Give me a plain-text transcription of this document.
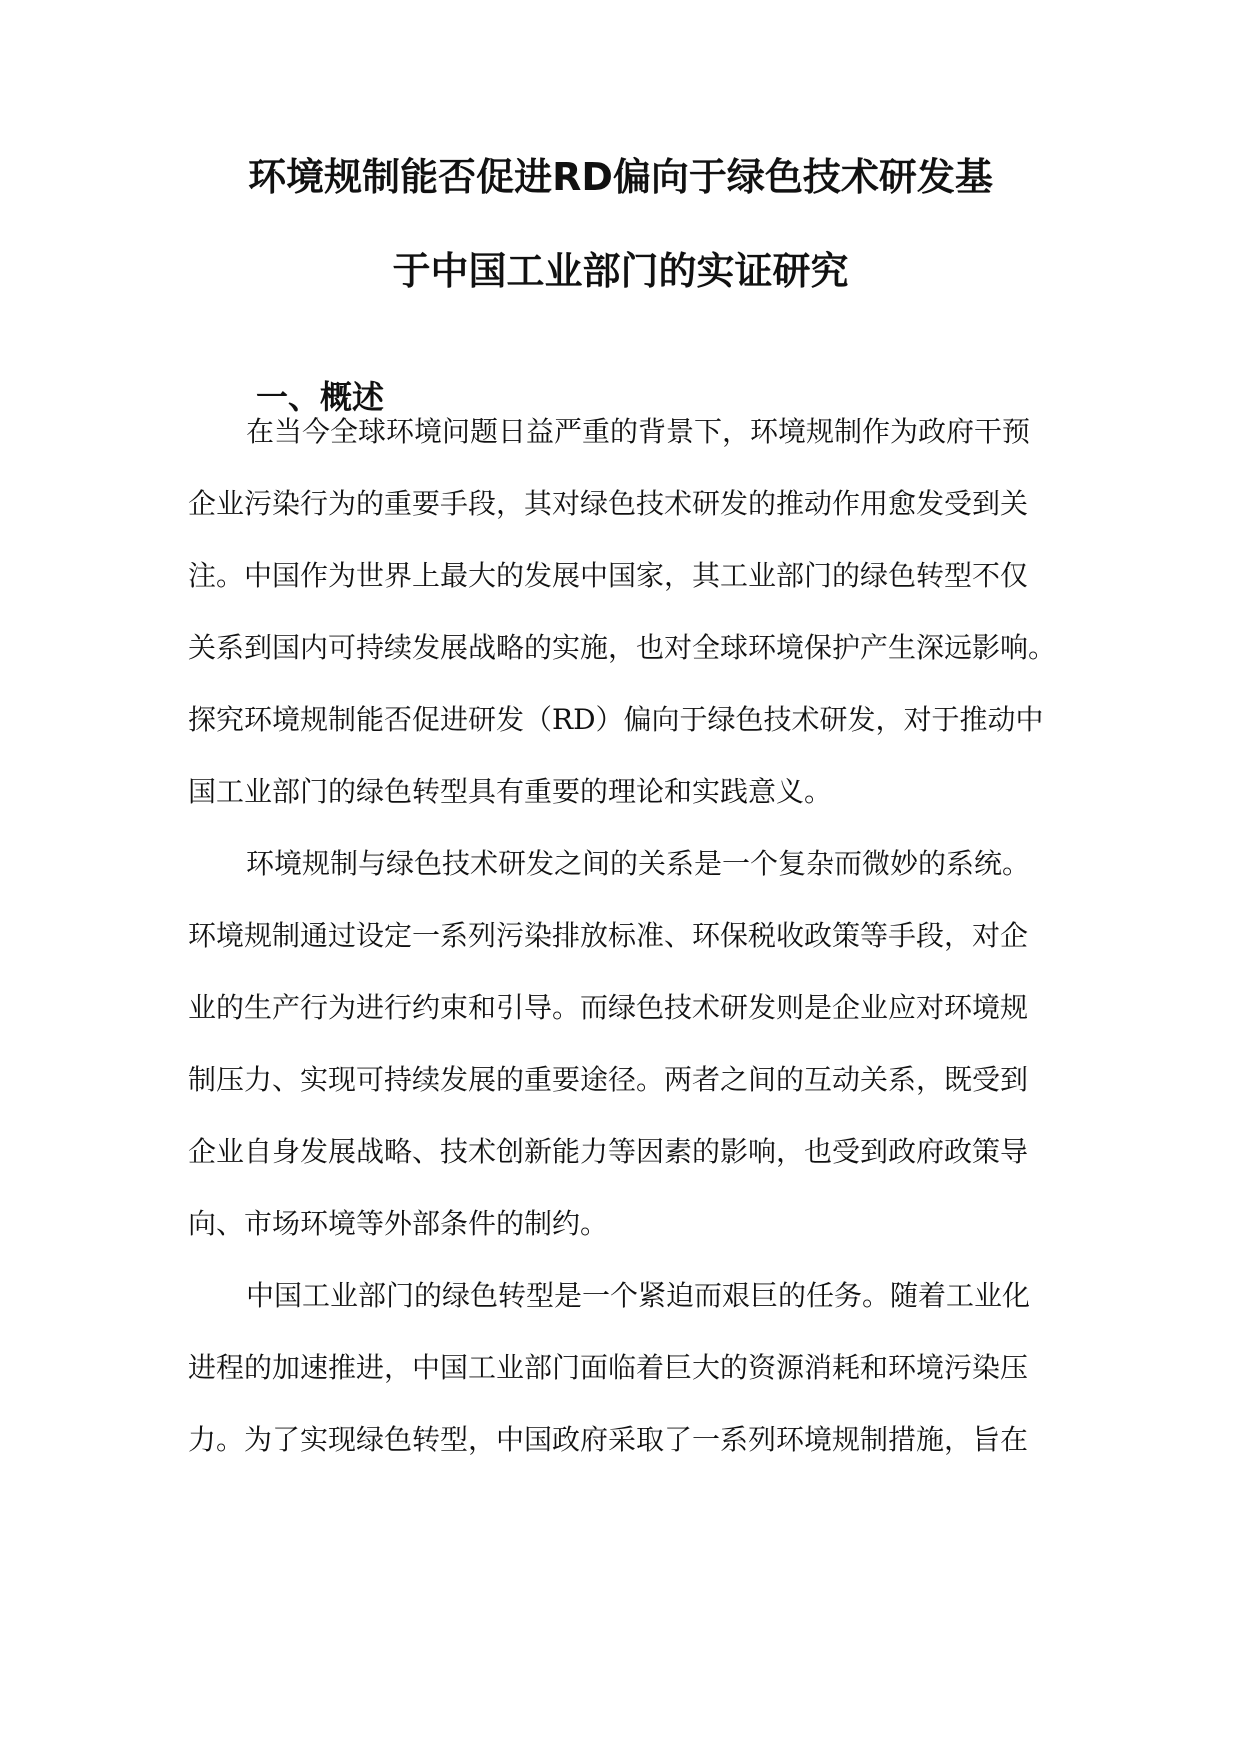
环境规制能否促进RD偏向于绿色技术研发基
于中国工业部门的实证研究
一、概述

在当今全球环境问题日益严重的背景下，环境规制作为政府干预

企业污染行为的重要手段，其对绿色技术研发的推动作用愈发受到关

注。中国作为世界上最大的发展中国家，其工业部门的绿色转型不仅

关系到国内可持续发展战略的实施，也对全球环境保护产生深远影响。

探究环境规制能否促进研发（RD）偏向于绿色技术研发，对于推动中

国工业部门的绿色转型具有重要的理论和实践意义。

环境规制与绿色技术研发之间的关系是一个复杂而微妙的系统。

环境规制通过设定一系列污染排放标准、环保税收政策等手段，对企

业的生产行为进行约束和引导。而绿色技术研发则是企业应对环境规

制压力、实现可持续发展的重要途径。两者之间的互动关系，既受到

企业自身发展战略、技术创新能力等因素的影响，也受到政府政策导

向、市场环境等外部条件的制约。

中国工业部门的绿色转型是一个紧迫而艰巨的任务。随着工业化

进程的加速推进，中国工业部门面临着巨大的资源消耗和环境污染压

力。为了实现绿色转型，中国政府采取了一系列环境规制措施，旨在
